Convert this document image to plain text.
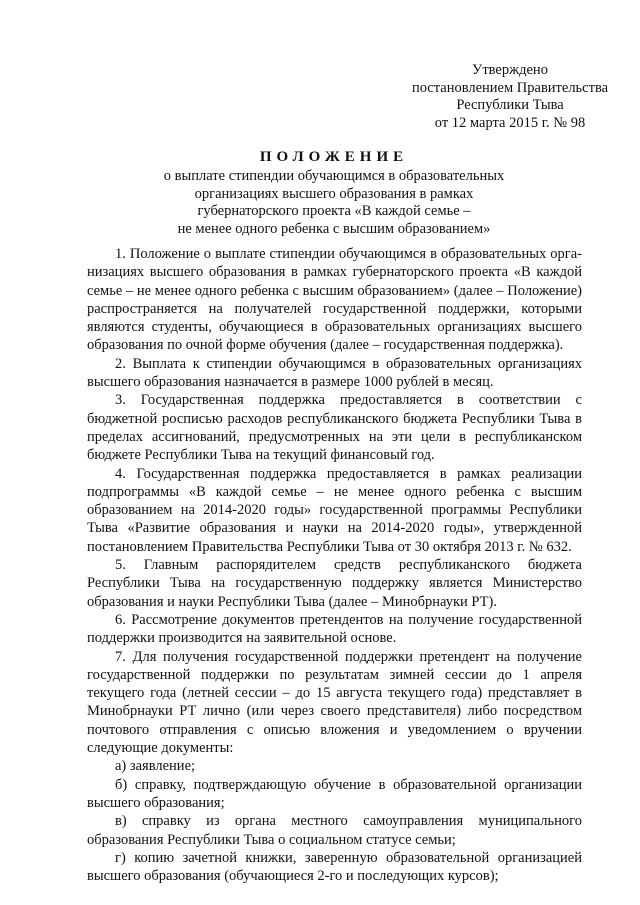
Утверждено
постановлением Правительства
Республики Тыва
от 12 марта 2015 г. № 98
ПОЛОЖЕНИЕ
о выплате стипендии обучающимся в образовательных
организациях высшего образования в рамках
губернаторского проекта «В каждой семье –
не менее одного ребенка с высшим образованием»

1. Положение о выплате стипендии обучающимся в образовательных организациях высшего образования в рамках губернаторского проекта «В каждой семье – не менее одного ребенка с высшим образованием» (далее – Положение) распространяется на получателей государственной поддержки, которыми являются студенты, обучающиеся в образовательных организациях высшего образования по очной форме обучения (далее – государственная поддержка).

2. Выплата к стипендии обучающимся в образовательных организациях высшего образования назначается в размере 1000 рублей в месяц.

3. Государственная поддержка предоставляется в соответствии с бюджетной росписью расходов республиканского бюджета Республики Тыва в пределах ассигнований, предусмотренных на эти цели в республиканском бюджете Республики Тыва на текущий финансовый год.

4. Государственная поддержка предоставляется в рамках реализации подпрограммы «В каждой семье – не менее одного ребенка с высшим образованием на 2014-2020 годы» государственной программы Республики Тыва «Развитие образования и науки на 2014-2020 годы», утвержденной постановлением Правительства Республики Тыва от 30 октября 2013 г. № 632.

5. Главным распорядителем средств республиканского бюджета Республики Тыва на государственную поддержку является Министерство образования и науки Республики Тыва (далее – Минобрнауки РТ).

6. Рассмотрение документов претендентов на получение государственной поддержки производится на заявительной основе.

7. Для получения государственной поддержки претендент на получение государственной поддержки по результатам зимней сессии до 1 апреля текущего года (летней сессии – до 15 августа текущего года) представляет в Минобрнауки РТ лично (или через своего представителя) либо посредством почтового отправления с описью вложения и уведомлением о вручении следующие документы:

а) заявление;

б) справку, подтверждающую обучение в образовательной организации высшего образования;

в) справку из органа местного самоуправления муниципального образования Республики Тыва о социальном статусе семьи;

г) копию зачетной книжки, заверенную образовательной организацией высшего образования (обучающиеся 2-го и последующих курсов);
